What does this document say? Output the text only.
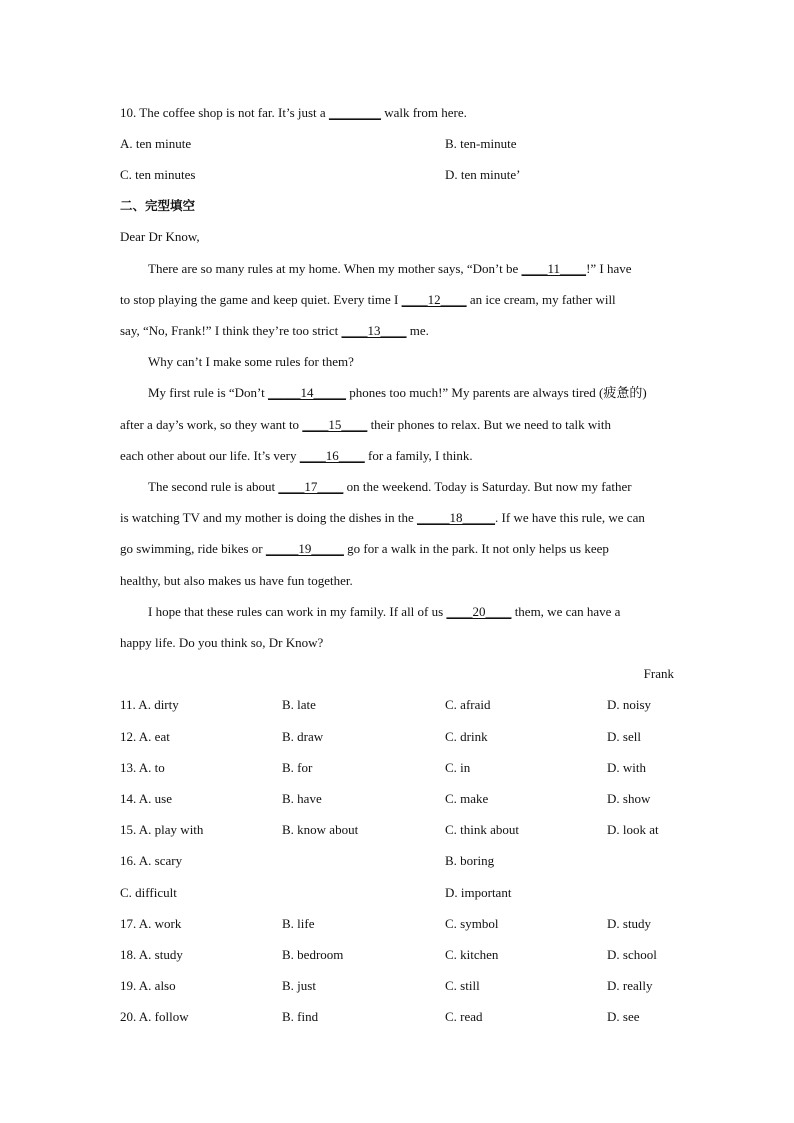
10. The coffee shop is not far. It’s just a ________ walk from here.
A. ten minute	B. ten-minute
C. ten minutes	D. ten minute’
二、完型填空
Dear Dr Know,
There are so many rules at my home. When my mother says, “Don’t be ____11____!” I have
to stop playing the game and keep quiet. Every time I ____12____ an ice cream, my father will
say, “No, Frank!” I think they’re too strict ____13____ me.
Why can’t I make some rules for them?
My first rule is “Don’t _____14_____ phones too much!” My parents are always tired (疲惫的)
after a day’s work, so they want to ____15____ their phones to relax. But we need to talk with
each other about our life. It’s very ____16____ for a family, I think.
The second rule is about ____17____ on the weekend. Today is Saturday. But now my father
is watching TV and my mother is doing the dishes in the _____18_____. If we have this rule, we can
go swimming, ride bikes or _____19_____ go for a walk in the park. It not only helps us keep
healthy, but also makes us have fun together.
I hope that these rules can work in my family. If all of us ____20____ them, we can have a
happy life. Do you think so, Dr Know?
Frank
11. A. dirty	B. late	C. afraid	D. noisy
12. A. eat	B. draw	C. drink	D. sell
13. A. to	B. for	C. in	D. with
14. A. use	B. have	C. make	D. show
15. A. play with	B. know about	C. think about	D. look at
16. A. scary	B. boring
C. difficult	D. important
17. A. work	B. life	C. symbol	D. study
18. A. study	B. bedroom	C. kitchen	D. school
19. A. also	B. just	C. still	D. really
20. A. follow	B. find	C. read	D. see
